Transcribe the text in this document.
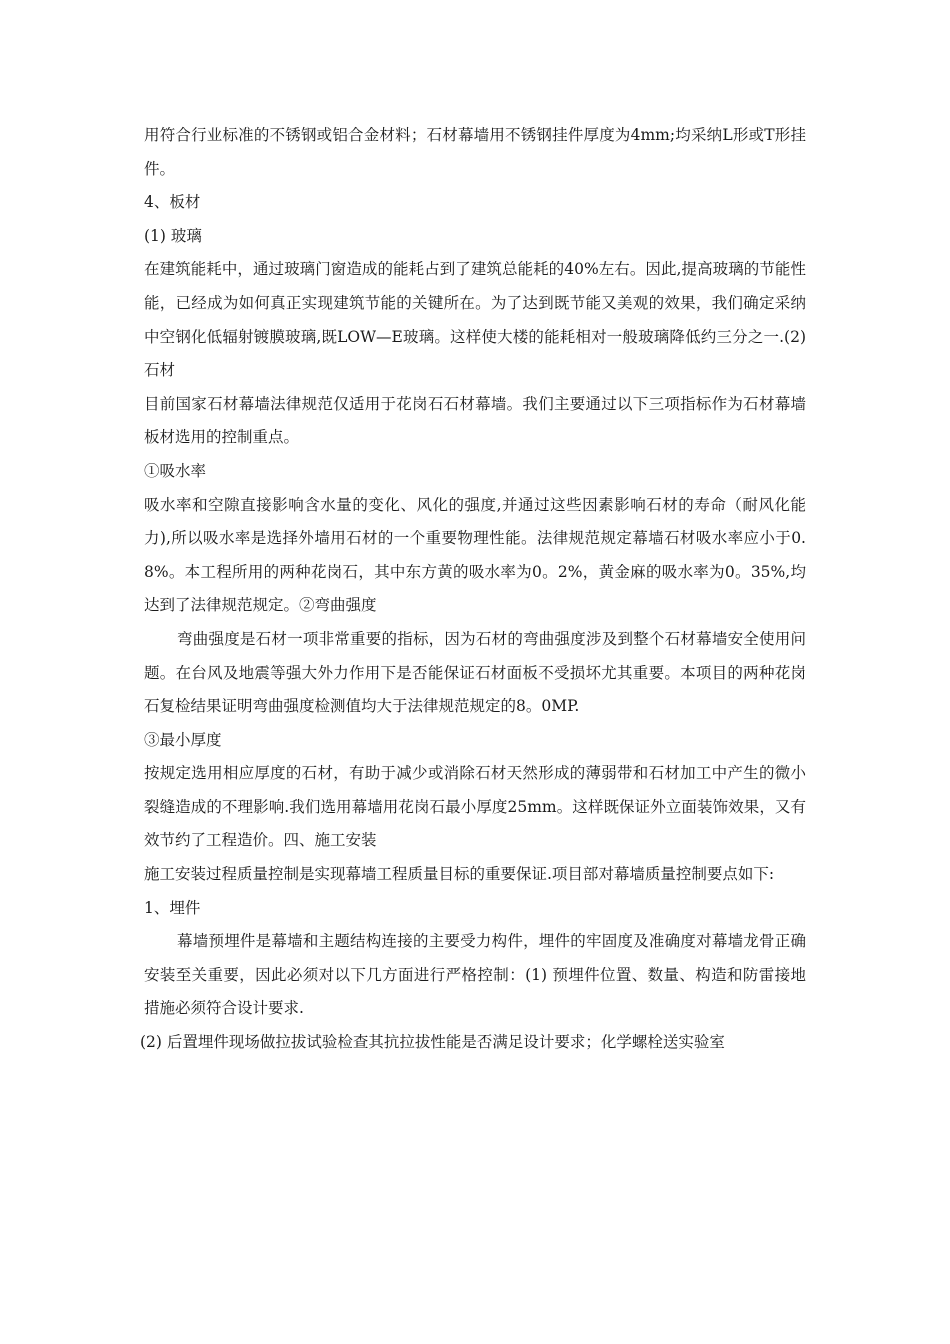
用符合行业标准的不锈钢或铝合金材料；石材幕墙用不锈钢挂件厚度为4mm;均采纳L形或T形挂件。

4、板材

(1) 玻璃

在建筑能耗中，通过玻璃门窗造成的能耗占到了建筑总能耗的40%左右。因此,提高玻璃的节能性能，已经成为如何真正实现建筑节能的关键所在。为了达到既节能又美观的效果，我们确定采纳中空钢化低辐射镀膜玻璃,既LOW—E玻璃。这样使大楼的能耗相对一般玻璃降低约三分之一.(2) 石材

目前国家石材幕墙法律规范仅适用于花岗石石材幕墙。我们主要通过以下三项指标作为石材幕墙板材选用的控制重点。

①吸水率

吸水率和空隙直接影响含水量的变化、风化的强度,并通过这些因素影响石材的寿命（耐风化能力),所以吸水率是选择外墙用石材的一个重要物理性能。法律规范规定幕墙石材吸水率应小于0.8%。本工程所用的两种花岗石，其中东方黄的吸水率为0。2%，黄金麻的吸水率为0。35%,均达到了法律规范规定。②弯曲强度

弯曲强度是石材一项非常重要的指标，因为石材的弯曲强度涉及到整个石材幕墙安全使用问题。在台风及地震等强大外力作用下是否能保证石材面板不受损坏尤其重要。本项目的两种花岗石复检结果证明弯曲强度检测值均大于法律规范规定的8。0MP.

③最小厚度

按规定选用相应厚度的石材，有助于减少或消除石材天然形成的薄弱带和石材加工中产生的微小裂缝造成的不理影响.我们选用幕墙用花岗石最小厚度25mm。这样既保证外立面装饰效果，又有效节约了工程造价。四、施工安装

施工安装过程质量控制是实现幕墙工程质量目标的重要保证.项目部对幕墙质量控制要点如下:

1、埋件

幕墙预埋件是幕墙和主题结构连接的主要受力构件，埋件的牢固度及准确度对幕墙龙骨正确安装至关重要，因此必须对以下几方面进行严格控制：(1) 预埋件位置、数量、构造和防雷接地措施必须符合设计要求.

(2) 后置埋件现场做拉拔试验检查其抗拉拔性能是否满足设计要求；化学螺栓送实验室
